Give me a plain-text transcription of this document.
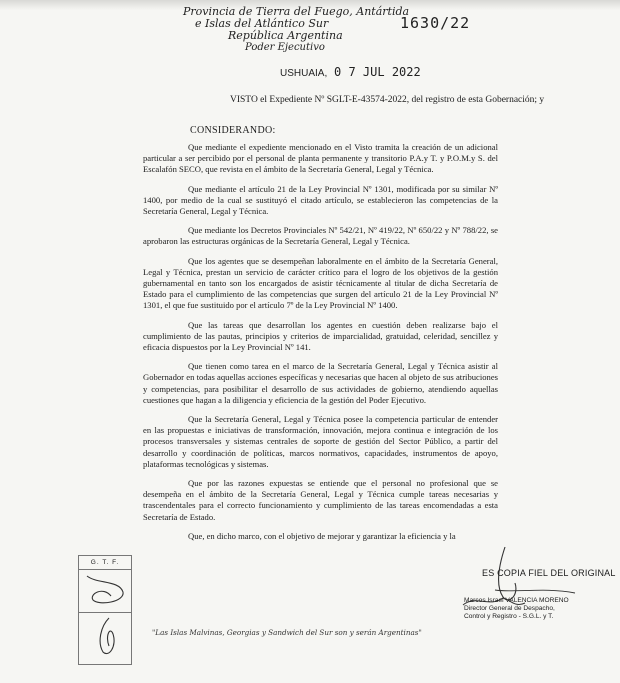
Provincia de Tierra del Fuego, Antártida
e Islas del Atlántico Sur
República Argentina
Poder Ejecutivo
1630/22
USHUAIA, 0 7 JUL 2022
VISTO el Expediente Nº SGLT-E-43574-2022, del registro de esta Gobernación; y
CONSIDERANDO:

Que mediante el expediente mencionado en el Visto tramita la creación de un adicional particular a ser percibido por el personal de planta permanente y transitorio P.A.y T. y P.O.M.y S. del Escalafón SECO, que revista en el ámbito de la Secretaría General, Legal y Técnica.

Que mediante el artículo 21 de la Ley Provincial Nº 1301, modificada por su similar Nº 1400, por medio de la cual se sustituyó el citado artículo, se establecieron las competencias de la Secretaría General, Legal y Técnica.

Que mediante los Decretos Provinciales Nº 542/21, Nº 419/22, Nº 650/22 y Nº 788/22, se aprobaron las estructuras orgánicas de la Secretaría General, Legal y Técnica.

Que los agentes que se desempeñan laboralmente en el ámbito de la Secretaría General, Legal y Técnica, prestan un servicio de carácter crítico para el logro de los objetivos de la gestión gubernamental en tanto son los encargados de asistir técnicamente al titular de dicha Secretaría de Estado para el cumplimiento de las competencias que surgen del artículo 21 de la Ley Provincial Nº 1301, el que fue sustituido por el artículo 7º de la Ley Provincial Nº 1400.

Que las tareas que desarrollan los agentes en cuestión deben realizarse bajo el cumplimiento de las pautas, principios y criterios de imparcialidad, gratuidad, celeridad, sencillez y eficacia dispuestos por la Ley Provincial Nº 141.

Que tienen como tarea en el marco de la Secretaría General, Legal y Técnica asistir al Gobernador en todas aquellas acciones específicas y necesarias que hacen al objeto de sus atribuciones y competencias, para posibilitar el desarrollo de sus actividades de gobierno, atendiendo aquellas cuestiones que hagan a la diligencia y eficiencia de la gestión del Poder Ejecutivo.

Que la Secretaría General, Legal y Técnica posee la competencia particular de entender en las propuestas e iniciativas de transformación, innovación, mejora continua e integración de los procesos transversales y sistemas centrales de soporte de gestión del Sector Público, a partir del desarrollo y coordinación de políticas, marcos normativos, capacidades, instrumentos de apoyo, plataformas tecnológicas y sistemas.

Que por las razones expuestas se entiende que el personal no profesional que se desempeña en el ámbito de la Secretaría General, Legal y Técnica cumple tareas necesarias y trascendentales para el correcto funcionamiento y cumplimiento de las tareas encomendadas a esta Secretaría de Estado.

Que, en dicho marco, con el objetivo de mejorar y garantizar la eficiencia y la

G. T. F.
ES COPIA FIEL DEL ORIGINAL
Marcos Israel VALENCIA MORENO
Director General de Despacho,
Control y Registro - S.G.L. y T.
"Las Islas Malvinas, Georgias y Sandwich del Sur son y serán Argentinas"
